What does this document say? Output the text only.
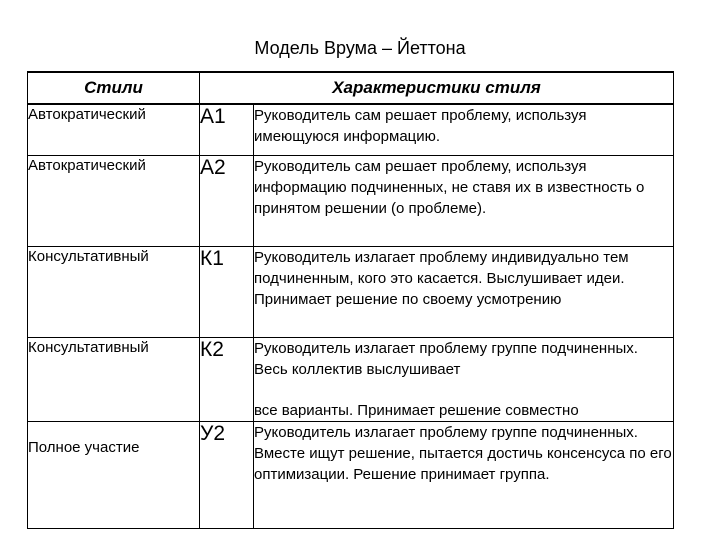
Модель Врума – Йеттона
Стили	Характеристики стиля	
Автократический	А1	Руководитель сам решает проблему, используя имеющуюся информацию.
Автократический	А2	Руководитель сам решает проблему, используя информацию подчиненных, не ставя их в известность о принятом решении (о проблеме).
Консультативный	К1	Руководитель излагает проблему индивидуально тем подчиненным, кого это касается. Выслушивает идеи. Принимает решение по своему усмотрению
Консультативный	К2	Руководитель излагает проблему группе подчиненных. Весь коллектив выслушивает
все варианты. Принимает решение совместно

Полное участие	У2	Руководитель излагает проблему группе подчиненных. Вместе ищут решение, пытается достичь консенсуса по его оптимизации. Решение принимает группа.
